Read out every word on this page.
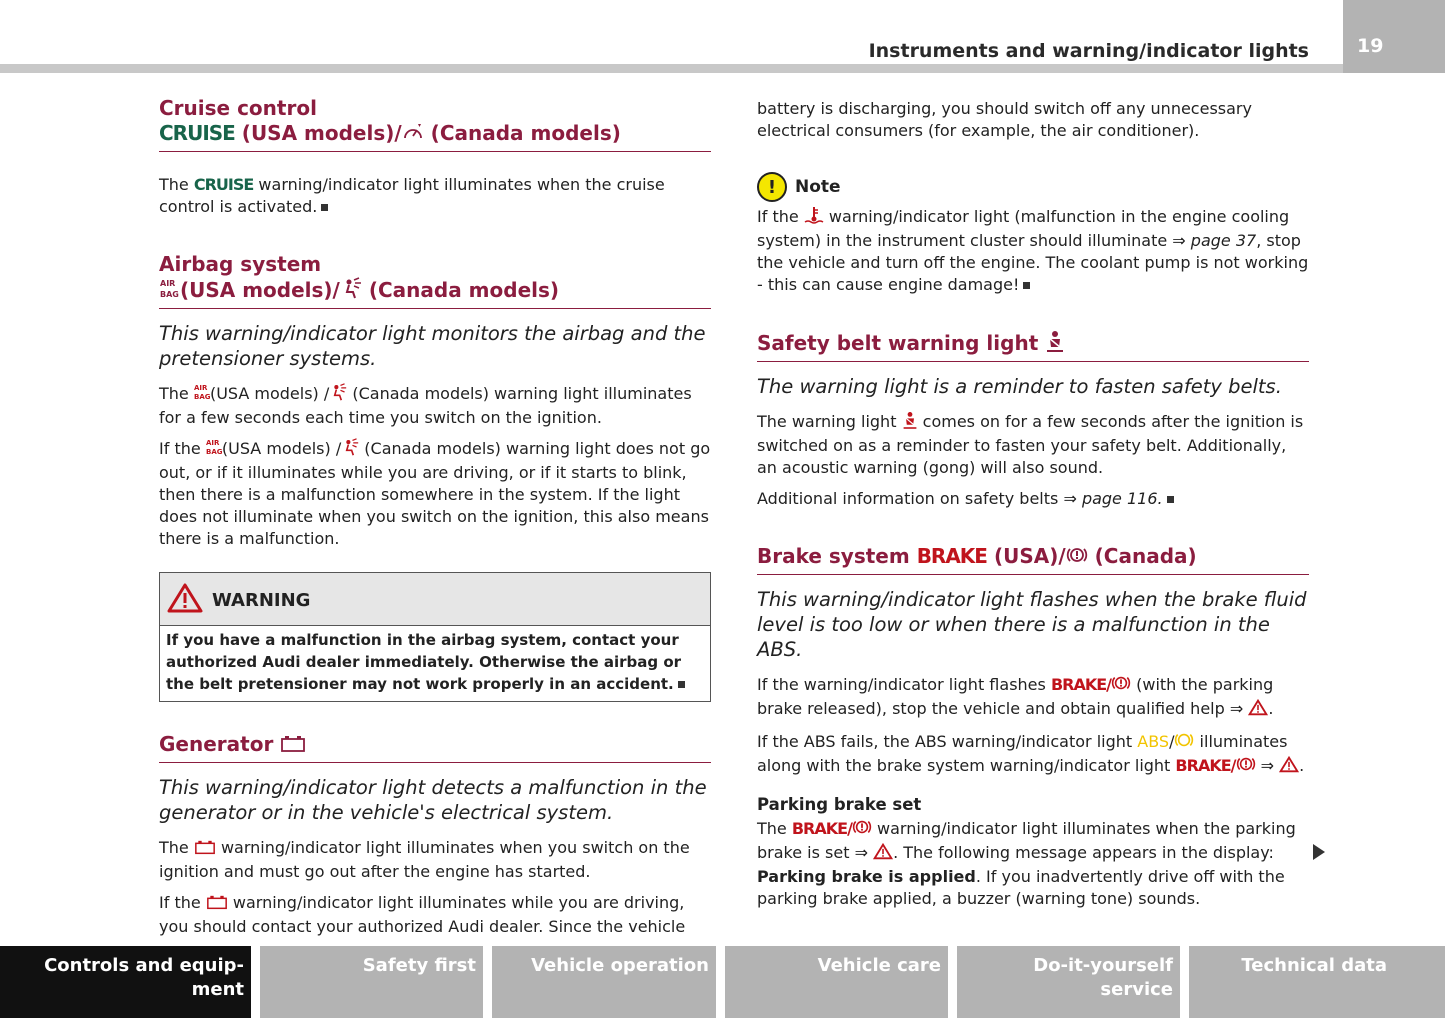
Instruments and warning/indicator lights	19
Cruise control
CRUISE (USA models)/ (Canada models)

The CRUISE warning/indicator light illuminates when the cruise control is activated.

Airbag system
AIR
BAG (USA models)/ (Canada models)

This warning/indicator light monitors the airbag and the pretensioner systems.

The AIR
BAG (USA models) / (Canada models) warning light illuminates for a few seconds each time you switch on the ignition.

If the AIR
BAG (USA models) / (Canada models) warning light does not go out, or if it illuminates while you are driving, or if it starts to blink, then there is a malfunction somewhere in the system. If the light does not illuminate when you switch on the ignition, this also means there is a malfunction.

WARNING
If you have a malfunction in the airbag system, contact your authorized Audi dealer immediately. Otherwise the airbag or the belt pretensioner may not work properly in an accident.
Generator

This warning/indicator light detects a malfunction in the generator or in the vehicle's electrical system.

The warning/indicator light illuminates when you switch on the ignition and must go out after the engine has started.

If the warning/indicator light illuminates while you are driving, you should contact your authorized Audi dealer. Since the vehicle

battery is discharging, you should switch off any unnecessary electrical consumers (for example, the air conditioner).

!	Note

If the warning/indicator light (malfunction in the engine cooling system) in the instrument cluster should illuminate ⇒ page 37, stop the vehicle and turn off the engine. The coolant pump is not working - this can cause engine damage!

Safety belt warning light

The warning light is a reminder to fasten safety belts.

The warning light comes on for a few seconds after the ignition is switched on as a reminder to fasten your safety belt. Additionally, an acoustic warning (gong) will also sound.

Additional information on safety belts ⇒ page 116.

Brake system BRAKE (USA)/ (Canada)

This warning/indicator light flashes when the brake fluid level is too low or when there is a malfunction in the ABS.

If the warning/indicator light flashes BRAKE/ (with the parking brake released), stop the vehicle and obtain qualified help ⇒ .

If the ABS fails, the ABS warning/indicator light ABS/ illuminates along with the brake system warning/indicator light BRAKE/ ⇒ .

Parking brake set

The BRAKE/ warning/indicator light illuminates when the parking brake is set ⇒ . The following message appears in the display: Parking brake is applied. If you inadvertently drive off with the parking brake applied, a buzzer (warning tone) sounds.

Controls and equip-ment
Safety first	Vehicle operation	Vehicle care	Do-it-yourself service
Technical data
